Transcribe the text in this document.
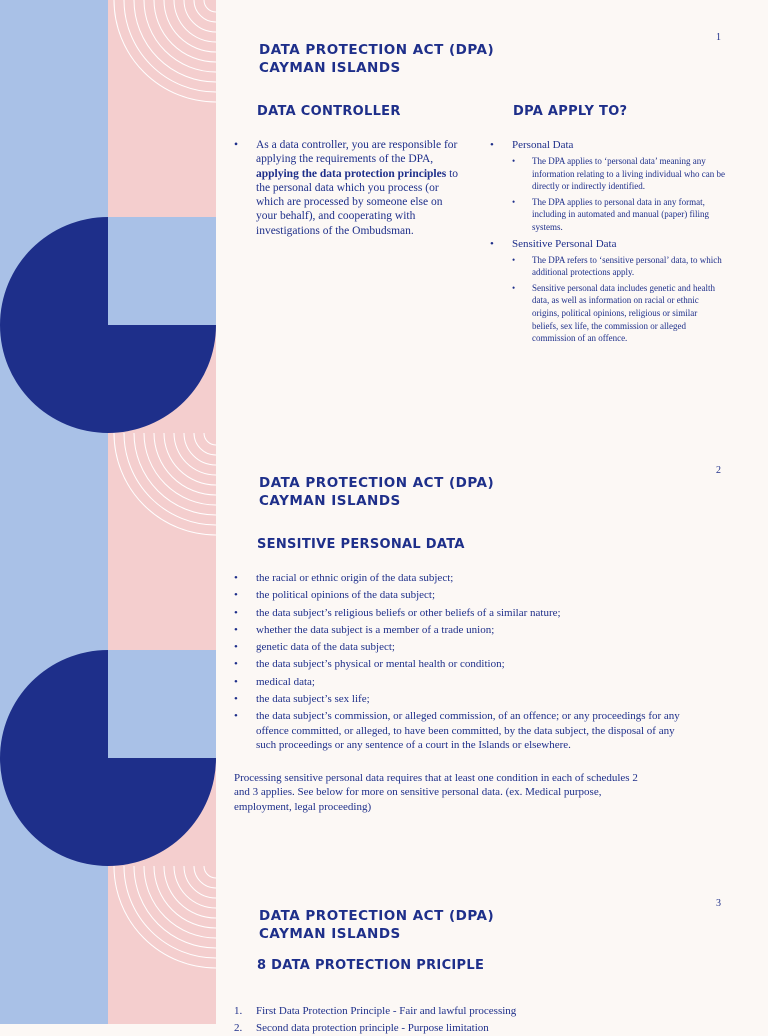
1
DATA PROTECTION ACT (DPA)
CAYMAN ISLANDS
DATA CONTROLLER
• As a data controller, you are responsible for applying the requirements of the DPA, applying the data protection principles to the personal data which you process (or which are processed by someone else on your behalf), and cooperating with investigations of the Ombudsman.
DPA APPLY TO?
• Personal Data
• The DPA applies to ‘personal data’ meaning any information relating to a living individual who can be directly or indirectly identified.
• The DPA applies to personal data in any format, including in automated and manual (paper) filing systems.
• Sensitive Personal Data
• The DPA refers to ‘sensitive personal’ data, to which additional protections apply.
• Sensitive personal data includes genetic and health data, as well as information on racial or ethnic origins, political opinions, religious or similar beliefs, sex life, the commission or alleged commission of an offence.
2
DATA PROTECTION ACT (DPA)
CAYMAN ISLANDS
SENSITIVE PERSONAL DATA
• the racial or ethnic origin of the data subject;
• the political opinions of the data subject;
• the data subject’s religious beliefs or other beliefs of a similar nature;
• whether the data subject is a member of a trade union;
• genetic data of the data subject;
• the data subject’s physical or mental health or condition;
• medical data;
• the data subject’s sex life;
• the data subject’s commission, or alleged commission, of an offence; or any proceedings for any offence committed, or alleged, to have been committed, by the data subject, the disposal of any such proceedings or any sentence of a court in the Islands or elsewhere.
Processing sensitive personal data requires that at least one condition in each of schedules 2 and 3 applies. See below for more on sensitive personal data. (ex. Medical purpose, employment, legal proceeding)
3
DATA PROTECTION ACT (DPA)
CAYMAN ISLANDS
8 DATA PROTECTION PRICIPLE
1. First Data Protection Principle - Fair and lawful processing
2. Second data protection principle - Purpose limitation
